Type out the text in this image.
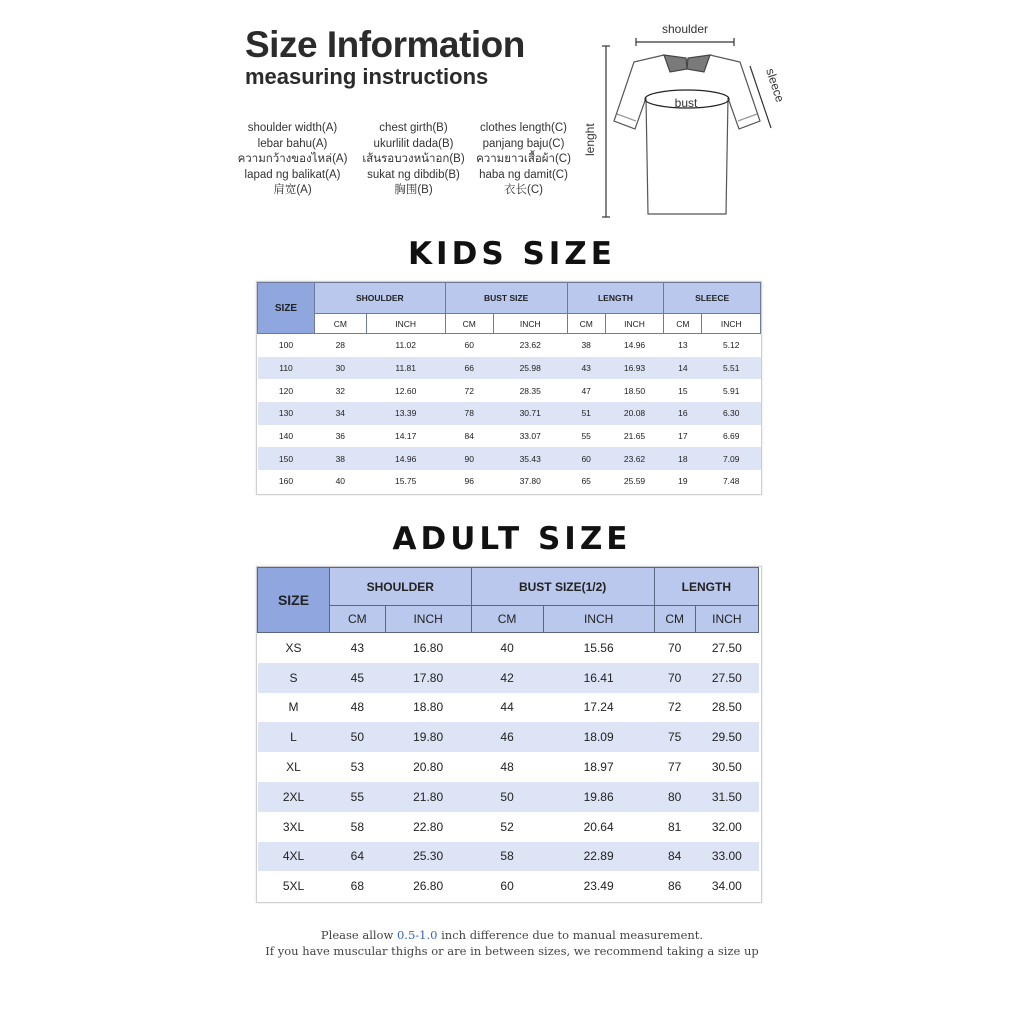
Size Information
measuring instructions
shoulder width(A)
lebar bahu(A)
ความกว้างของไหล่(A)
lapad ng balikat(A)
肩宽(A)
chest girth(B)
ukurlilit dada(B)
เส้นรอบวงหน้าอก(B)
sukat ng dibdib(B)
胸围(B)
clothes length(C)
panjang baju(C)
ความยาวเสื้อผ้า(C)
haba ng damit(C)
衣长(C)
shoulder
bust
lenght
sleece
KIDS SIZE
SIZE	SHOULDER		BUST SIZE		LENGTH		SLEECE	
	CM	INCH	CM	INCH	CM	INCH	CM	INCH
100	28	11.02	60	23.62	38	14.96	13	5.12
110	30	11.81	66	25.98	43	16.93	14	5.51
120	32	12.60	72	28.35	47	18.50	15	5.91
130	34	13.39	78	30.71	51	20.08	16	6.30
140	36	14.17	84	33.07	55	21.65	17	6.69
150	38	14.96	90	35.43	60	23.62	18	7.09
160	40	15.75	96	37.80	65	25.59	19	7.48
ADULT SIZE
SIZE	SHOULDER		BUST SIZE(1/2)		LENGTH	
	CM	INCH	CM	INCH	CM	INCH
XS	43	16.80	40	15.56	70	27.50
S	45	17.80	42	16.41	70	27.50
M	48	18.80	44	17.24	72	28.50
L	50	19.80	46	18.09	75	29.50
XL	53	20.80	48	18.97	77	30.50
2XL	55	21.80	50	19.86	80	31.50
3XL	58	22.80	52	20.64	81	32.00
4XL	64	25.30	58	22.89	84	33.00
5XL	68	26.80	60	23.49	86	34.00
Please allow 0.5-1.0 inch difference due to manual measurement.
If you have muscular thighs or are in between sizes, we recommend taking a size up
